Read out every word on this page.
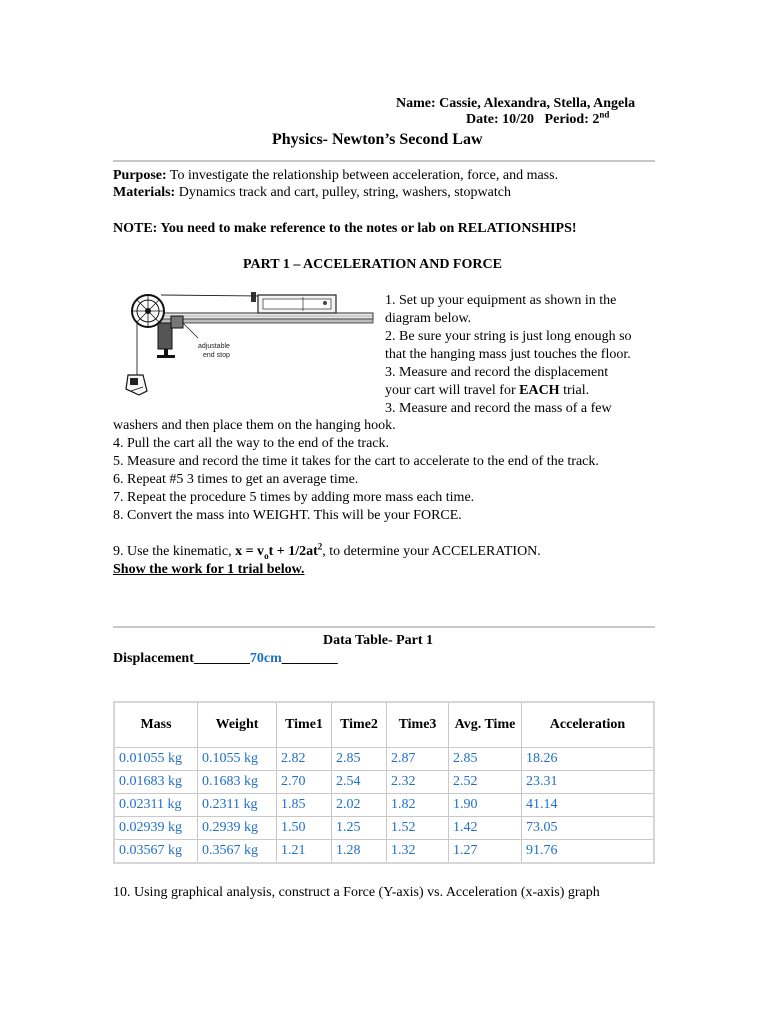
Name: Cassie, Alexandra, Stella, Angela
Date: 10/20 Period: 2nd
Physics- Newton’s Second Law
Purpose: To investigate the relationship between acceleration, force, and mass.
Materials: Dynamics track and cart, pulley, string, washers, stopwatch
NOTE: You need to make reference to the notes or lab on RELATIONSHIPS!
PART 1 – ACCELERATION AND FORCE
adjustable
end stop
1. Set up your equipment as shown in the
diagram below.
2. Be sure your string is just long enough so
that the hanging mass just touches the floor.
3. Measure and record the displacement
your cart will travel for EACH trial.
3. Measure and record the mass of a few
washers and then place them on the hanging hook.
4. Pull the cart all the way to the end of the track.
5. Measure and record the time it takes for the cart to accelerate to the end of the track.
6. Repeat #5 3 times to get an average time.
7. Repeat the procedure 5 times by adding more mass each time.
8. Convert the mass into WEIGHT. This will be your FORCE.
9. Use the kinematic, $x = v_ot + 1/2at^2$, to determine your ACCELERATION.
Show the work for 1 trial below.
Data Table- Part 1
Displacement________70cm________
Mass	Weight	Time1	Time2	Time3	Avg. Time	Acceleration
0.01055 kg	0.1055 kg	2.82	2.85	2.87	2.85	18.26
0.01683 kg	0.1683 kg	2.70	2.54	2.32	2.52	23.31
0.02311 kg	0.2311 kg	1.85	2.02	1.82	1.90	41.14
0.02939 kg	0.2939 kg	1.50	1.25	1.52	1.42	73.05
0.03567 kg	0.3567 kg	1.21	1.28	1.32	1.27	91.76
10. Using graphical analysis, construct a Force (Y-axis) vs. Acceleration (x-axis) graph
